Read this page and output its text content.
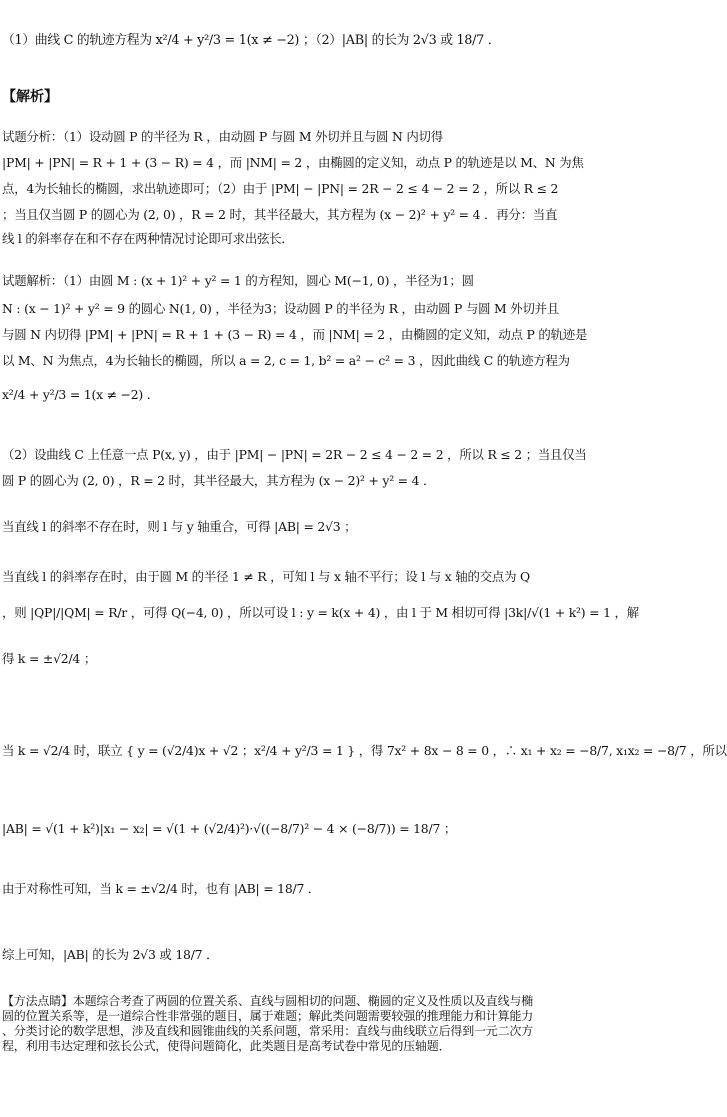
（1）曲线 C 的轨迹方程为 x²/4 + y²/3 = 1(x ≠ −2) ；（2）|AB| 的长为 2√3 或 18/7 ．
【解析】
试题分析：（1）设动圆 P 的半径为 R ，由动圆 P 与圆 M 外切并且与圆 N 内切得
|PM| + |PN| = R + 1 + (3 − R) = 4 ，而 |NM| = 2 ，由椭圆的定义知，动点 P 的轨迹是以 M、N 为焦
点，4为长轴长的椭圆，求出轨迹即可；（2）由于 |PM| − |PN| = 2R − 2 ≤ 4 − 2 = 2 ，所以 R ≤ 2
；当且仅当圆 P 的圆心为 (2, 0) ，R = 2 时，其半径最大，其方程为 (x − 2)² + y² = 4 ．再分：当直
线 l 的斜率存在和不存在两种情况讨论即可求出弦长．
试题解析：（1）由圆 M : (x + 1)² + y² = 1 的方程知，圆心 M(−1, 0) ，半径为1；圆
N : (x − 1)² + y² = 9 的圆心 N(1, 0) ，半径为3；设动圆 P 的半径为 R ，由动圆 P 与圆 M 外切并且
与圆 N 内切得 |PM| + |PN| = R + 1 + (3 − R) = 4 ，而 |NM| = 2 ，由椭圆的定义知，动点 P 的轨迹是
以 M、N 为焦点，4为长轴长的椭圆，所以 a = 2, c = 1, b² = a² − c² = 3 ，因此曲线 C 的轨迹方程为
x²/4 + y²/3 = 1(x ≠ −2) ．
（2）设曲线 C 上任意一点 P(x, y) ，由于 |PM| − |PN| = 2R − 2 ≤ 4 − 2 = 2 ，所以 R ≤ 2 ；当且仅当
圆 P 的圆心为 (2, 0) ，R = 2 时，其半径最大，其方程为 (x − 2)² + y² = 4 ．
当直线 l 的斜率不存在时，则 l 与 y 轴重合，可得 |AB| = 2√3 ；
当直线 l 的斜率存在时，由于圆 M 的半径 1 ≠ R ，可知 l 与 x 轴不平行；设 l 与 x 轴的交点为 Q
，则 |QP|/|QM| = R/r ，可得 Q(−4, 0) ，所以可设 l : y = k(x + 4) ，由 l 于 M 相切可得 |3k|/√(1 + k²) = 1 ，解
得 k = ±√2/4 ；
当 k = √2/4 时，联立 { y = (√2/4)x + √2 ；x²/4 + y²/3 = 1 } ，得 7x² + 8x − 8 = 0 ，∴ x₁ + x₂ = −8/7, x₁x₂ = −8/7 ，所以
|AB| = √(1 + k²)|x₁ − x₂| = √(1 + (√2/4)²)·√((−8/7)² − 4 × (−8/7)) = 18/7 ；
由于对称性可知，当 k = ±√2/4 时，也有 |AB| = 18/7 ．
综上可知，|AB| 的长为 2√3 或 18/7 ．
【方法点睛】本题综合考查了两圆的位置关系、直线与圆相切的问题、椭圆的定义及性质以及直线与椭
圆的位置关系等，是一道综合性非常强的题目，属于难题；解此类问题需要较强的推理能力和计算能力
、分类讨论的数学思想，涉及直线和圆锥曲线的关系问题，常采用：直线与曲线联立后得到一元二次方
程，利用韦达定理和弦长公式，使得问题简化，此类题目是高考试卷中常见的压轴题．
